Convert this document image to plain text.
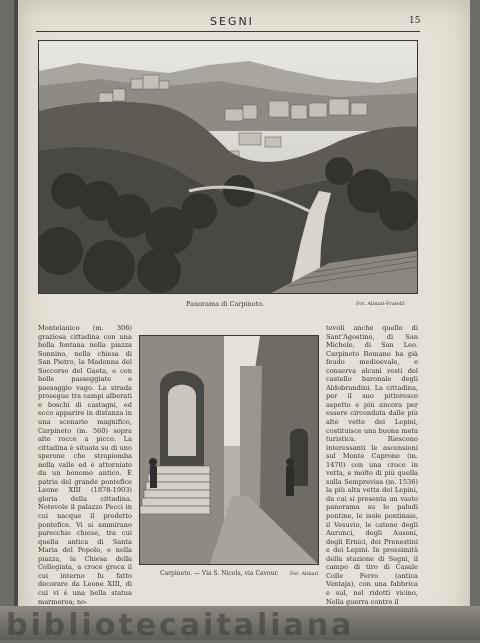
SEGNI	15
Panorama di Carpineto.	Fot. Alinari-Fratelli

Montelanico (m. 306) graziosa cittadina con una bella fontana nella piazza Sonnino, nella chiesa di San Pietro, la Madonna del Soccorso del Gaeta, e con belle passeggiate e paesaggio vago. La strada prosegue tra campi alberati e boschi di castagni, ed ecco apparire in distanza in una scenario magnifico, Carpineto (m. 560) sopra alte rocce a picco. La cittadina è situata su di uno sperone che strapiomba nella valle ed è attorniato da un bonomo antico. È patria del grande pontefice Leone XIII (1878-1903) gloria della cittadina. Notevole il palazzo Pecci in cui nacque il predetto pontefice. Vi si ammirano parecchie chiese, tra cui quella antica di Santa Maria del Popolo, e nella piazza, la Chiesa della Collegiata, a croce greca il cui interno fu fatto decorare da Leone XIII, di cui vi è una bella statua marmorea; no-

Carpineto. — Via S. Nicola, via Cavour. Fot. Alinari

tevoli anche quelle di Sant'Agostino, di San Michele, di San Leo. Carpineto Romano ha già feudo medioevale, e conserva alcuni resti del castello baronale degli Aldobrandini. La cittadina, per il suo pittoresco aspetto e più ancora per essere circondata dalle più alte vette dei Lepini, costituisce una buona meta turistica. Riescono interessanti le ascensioni sul Monte Caprone (m. 1470) con una croce in vetta, e molto di più quella sulla Semprevisa (m. 1536) la più alta vetta dei Lepini, da cui si presenta un vasto panorama su le paludi pontine, le isole pontinaie, il Vesuvio, le catene degli Aurunci, degli Ausoni, degli Ernici, dei Prenestini e dei Lepini. In prossimità della stazione di Segni, il campo di tiro di Casale Colle Ferro (antica Ventaja), con una fabbrica e sul, nel ridotti vicino, Nella guerra contro il

bibliotecaitaliana
